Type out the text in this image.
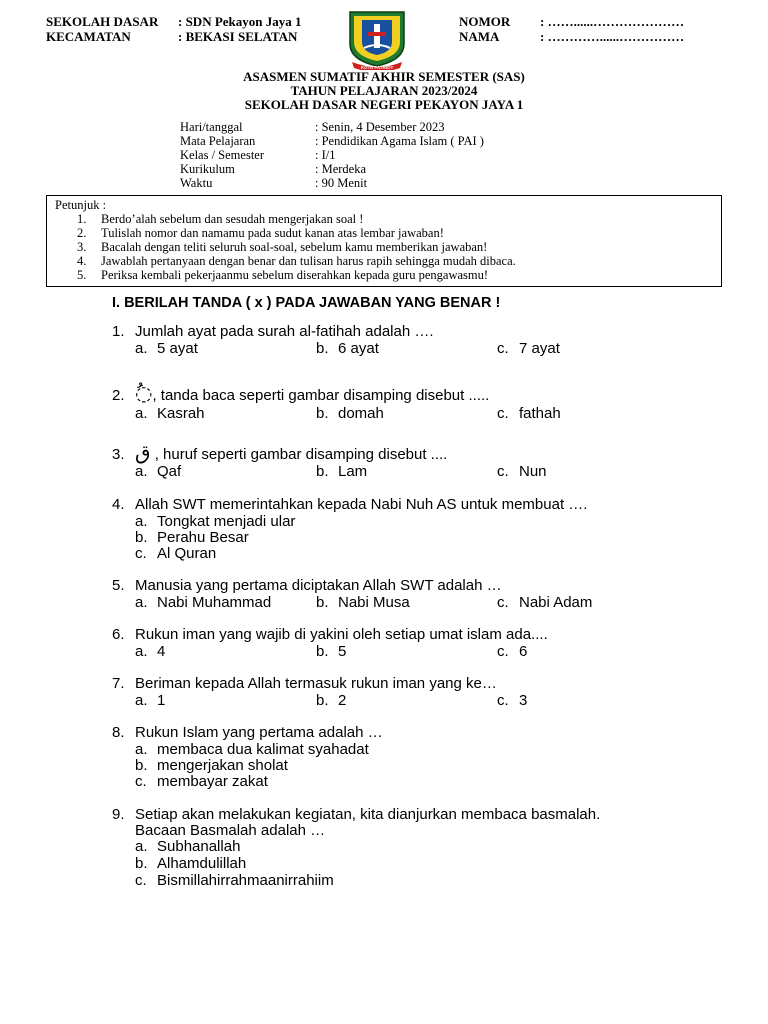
SEKOLAH DASAR : SDN Pekayon Jaya 1
KECAMATAN	: BEKASI SELATAN
KOTA PATRIOT
NOMOR : ……......…………………
NAMA	: …………......……………
ASASMEN SUMATIF AKHIR SEMESTER (SAS)
TAHUN PELAJARAN 2023/2024
SEKOLAH DASAR NEGERI PEKAYON JAYA 1
Hari/tanggal	: Senin, 4 Desember 2023
Mata Pelajaran	: Pendidikan Agama Islam ( PAI )
Kelas / Semester	: I/1
Kurikulum	: Merdeka
Waktu	: 90 Menit
Petunjuk :
1. Berdo’alah sebelum dan sesudah mengerjakan soal !
2. Tulislah nomor dan namamu pada sudut kanan atas lembar jawaban!
3. Bacalah dengan teliti seluruh soal-soal, sebelum kamu memberikan jawaban!
4. Jawablah pertanyaan dengan benar dan tulisan harus rapih sehingga mudah dibaca.
5. Periksa kembali pekerjaanmu sebelum diserahkan kepada guru pengawasmu!
I. BERILAH TANDA ( x ) PADA JAWABAN YANG BENAR !
1. Jumlah ayat pada surah al-fatihah adalah ….
a. 5 ayat	b. 6 ayat	c. 7 ayat
2. ◌ُ, tanda baca seperti gambar disamping disebut .....
a. Kasrah	b. domah	c. fathah
3. ق , huruf seperti gambar disamping disebut ....
a. Qaf	b. Lam	c. Nun
4. Allah SWT memerintahkan kepada Nabi Nuh AS untuk membuat ….
a. Tongkat menjadi ular
b. Perahu Besar
c. Al Quran
5. Manusia yang pertama diciptakan Allah SWT adalah …
a. Nabi Muhammad	b. Nabi Musa	c. Nabi Adam
6. Rukun iman yang wajib di yakini oleh setiap umat islam ada....
a. 4	b. 5	c. 6
7. Beriman kepada Allah termasuk rukun iman yang ke…
a. 1	b. 2	c. 3
8. Rukun Islam yang pertama adalah …
a. membaca dua kalimat syahadat
b. mengerjakan sholat
c. membayar zakat
9. Setiap akan melakukan kegiatan, kita dianjurkan membaca basmalah.
Bacaan Basmalah adalah …
a. Subhanallah
b. Alhamdulillah
c. Bismillahirrahmaanirrahiim
